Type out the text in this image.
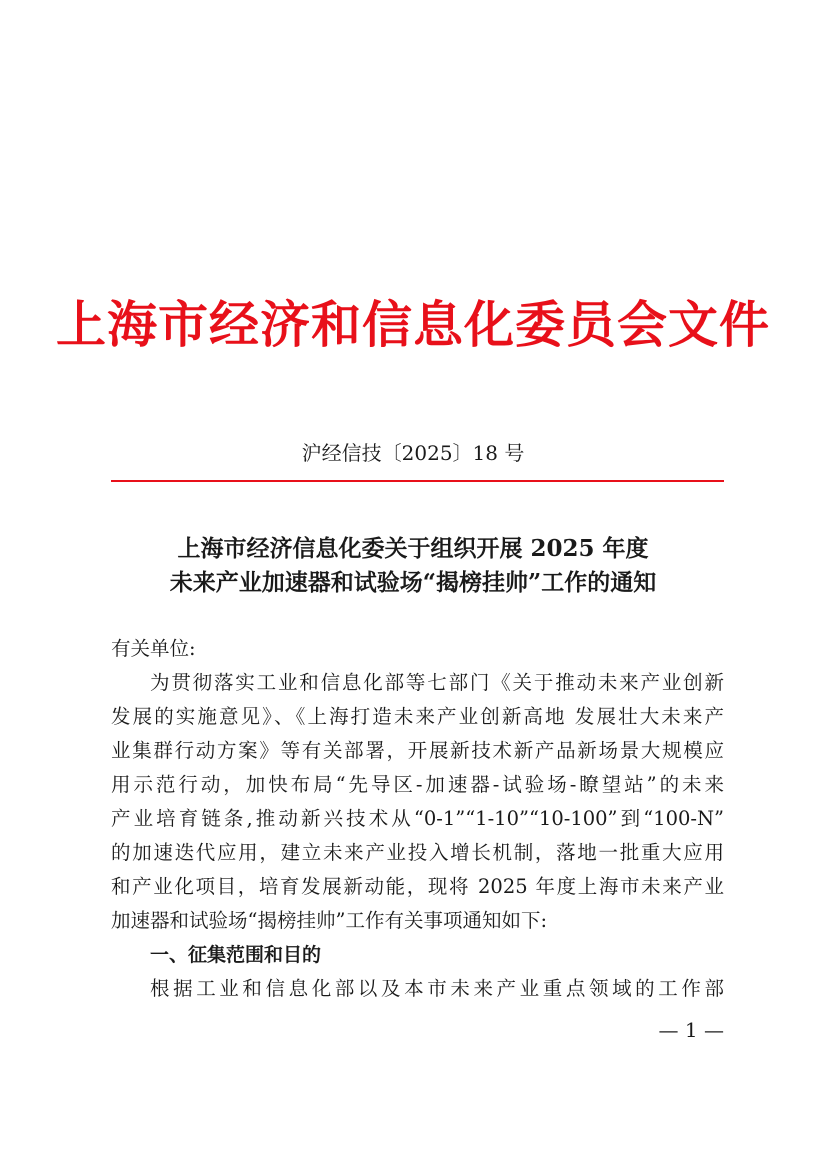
上海市经济和信息化委员会文件
沪经信技〔2025〕18 号
上海市经济信息化委关于组织开展 2025 年度
未来产业加速器和试验场“揭榜挂帅”工作的通知
有关单位:
为贯彻落实工业和信息化部等七部门《关于推动未来产业创新
发展的实施意见》、《上海打造未来产业创新高地 发展壮大未来产
业集群行动方案》等有关部署，开展新技术新产品新场景大规模应
用示范行动，加快布局“先导区-加速器-试验场-瞭望站”的未来
产业培育链条,推动新兴技术从“0-1”“1-10”“10-100”到“100-N”
的加速迭代应用，建立未来产业投入增长机制，落地一批重大应用
和产业化项目，培育发展新动能，现将 2025 年度上海市未来产业
加速器和试验场“揭榜挂帅”工作有关事项通知如下:
一、征集范围和目的
根据工业和信息化部以及本市未来产业重点领域的工作部
— 1 —
